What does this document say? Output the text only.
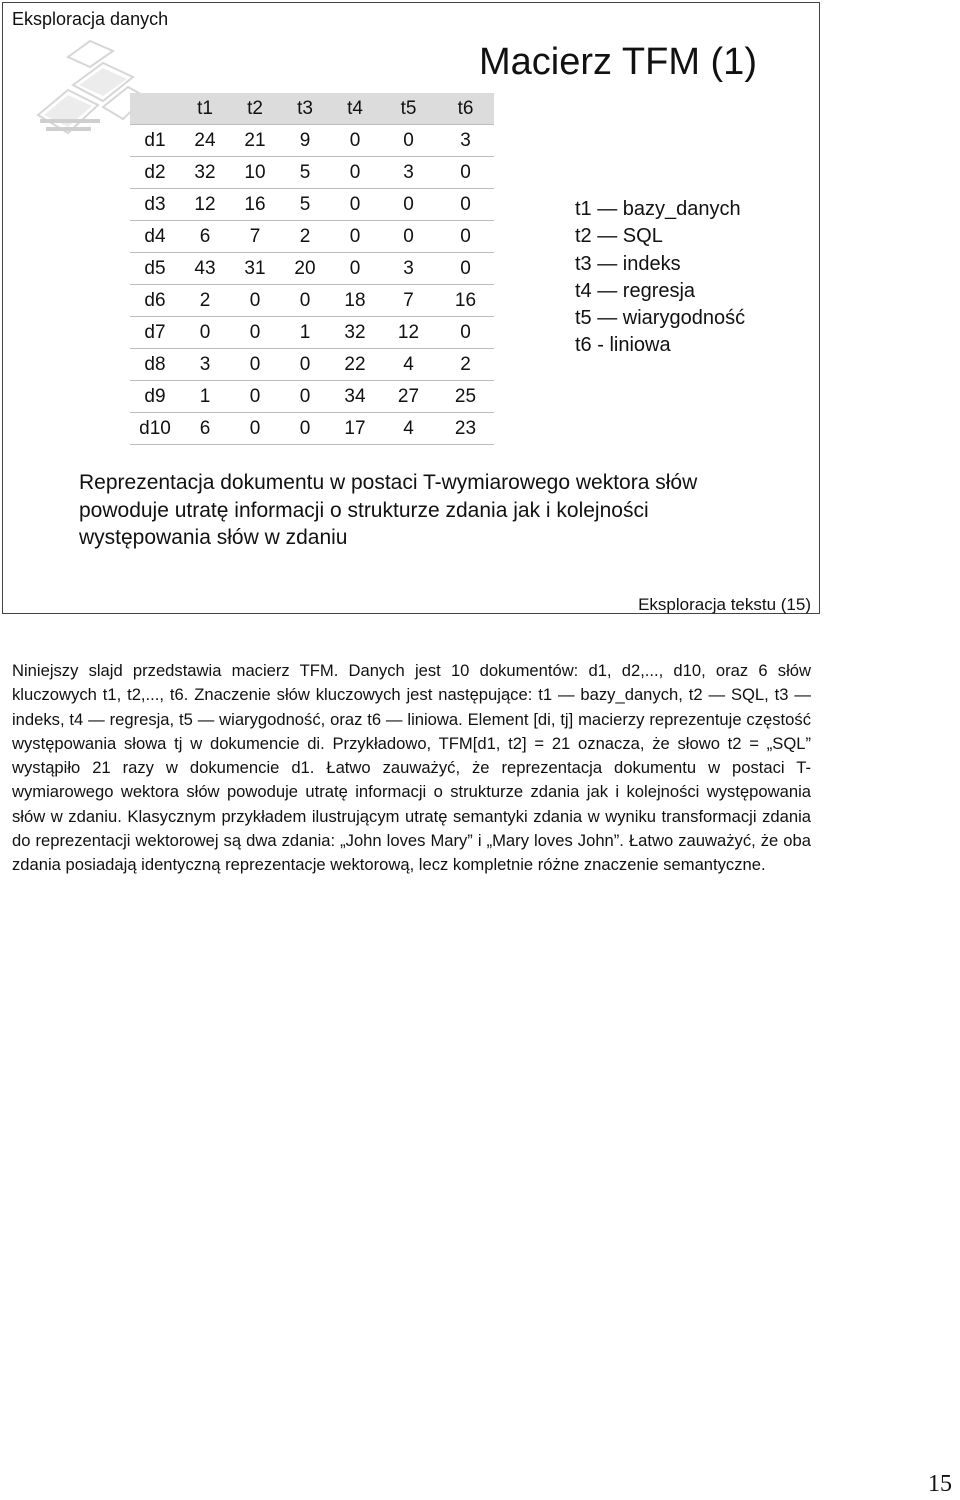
Eksploracja danych
Macierz TFM (1)
	t1	t2	t3	t4	t5	t6
d1	24	21	9	0	0	3
d2	32	10	5	0	3	0
d3	12	16	5	0	0	0
d4	6	7	2	0	0	0
d5	43	31	20	0	3	0
d6	2	0	0	18	7	16
d7	0	0	1	32	12	0
d8	3	0	0	22	4	2
d9	1	0	0	34	27	25
d10	6	0	0	17	4	23
t1 — bazy_danych
t2 — SQL
t3 — indeks
t4 — regresja
t5 — wiarygodność
t6 - liniowa
Reprezentacja dokumentu w postaci T-wymiarowego wektora słów powoduje utratę informacji o strukturze zdania jak i kolejności występowania słów w zdaniu
Eksploracja tekstu (15)
Niniejszy slajd przedstawia macierz TFM. Danych jest 10 dokumentów: d1, d2,..., d10, oraz 6 słów kluczowych t1, t2,..., t6. Znaczenie słów kluczowych jest następujące: t1 — bazy_danych, t2 — SQL, t3 — indeks, t4 — regresja, t5 — wiarygodność, oraz t6 — liniowa. Element [di, tj] macierzy reprezentuje częstość występowania słowa tj w dokumencie di. Przykładowo, TFM[d1, t2] = 21 oznacza, że słowo t2 = „SQL” wystąpiło 21 razy w dokumencie d1. Łatwo zauważyć, że reprezentacja dokumentu w postaci T-wymiarowego wektora słów powoduje utratę informacji o strukturze zdania jak i kolejności występowania słów w zdaniu. Klasycznym przykładem ilustrującym utratę semantyki zdania w wyniku transformacji zdania do reprezentacji wektorowej są dwa zdania: „John loves Mary” i „Mary loves John”. Łatwo zauważyć, że oba zdania posiadają identyczną reprezentacje wektorową, lecz kompletnie różne znaczenie semantyczne.
15
